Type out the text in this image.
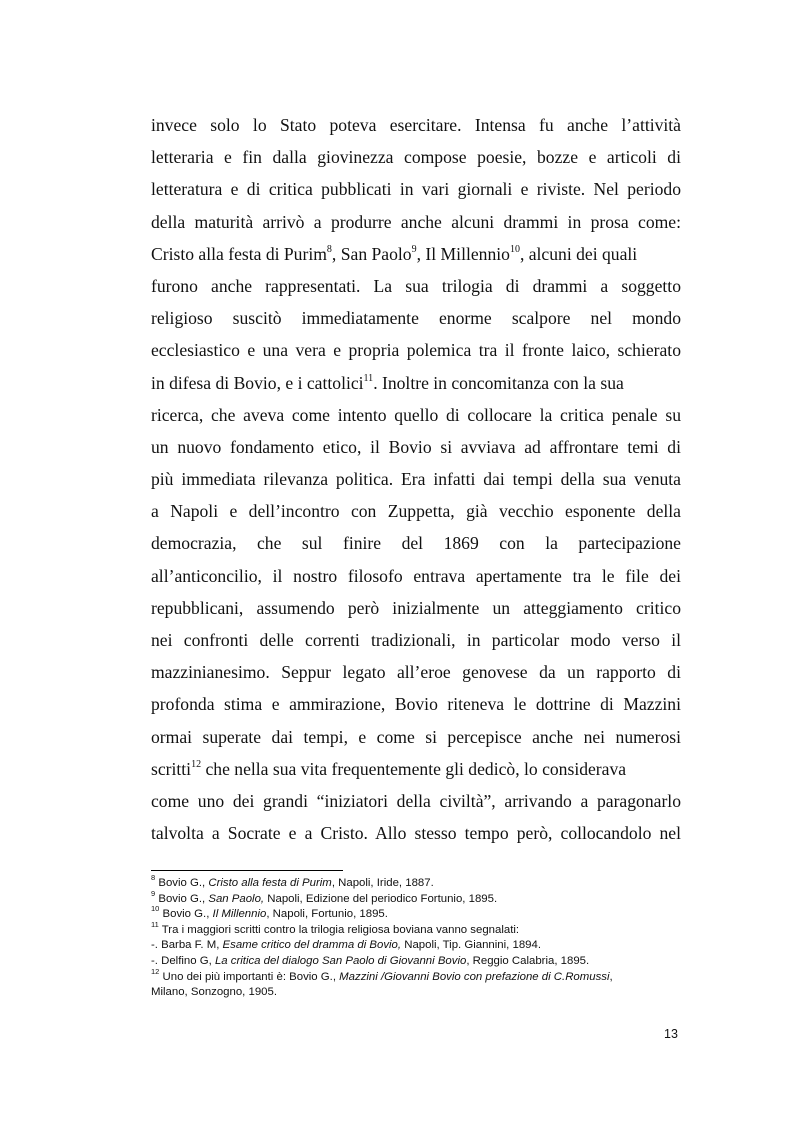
invece solo lo Stato poteva esercitare. Intensa fu anche l’attività
letteraria e fin dalla giovinezza compose poesie, bozze e articoli di
letteratura e di critica pubblicati in vari giornali e riviste. Nel periodo
della maturità arrivò a produrre anche alcuni drammi in prosa come:
Cristo alla festa di Purim$^8$, San Paolo$^9$, Il Millennio$^{10}$, alcuni dei quali
furono anche rappresentati. La sua trilogia di drammi a soggetto
religioso suscitò immediatamente enorme scalpore nel mondo
ecclesiastico e una vera e propria polemica tra il fronte laico, schierato
in difesa di Bovio, e i cattolici$^{11}$. Inoltre in concomitanza con la sua
ricerca, che aveva come intento quello di collocare la critica penale su
un nuovo fondamento etico, il Bovio si avviava ad affrontare temi di
più immediata rilevanza politica. Era infatti dai tempi della sua venuta
a Napoli e dell’incontro con Zuppetta, già vecchio esponente della
democrazia, che sul finire del 1869 con la partecipazione
all’anticoncilio, il nostro filosofo entrava apertamente tra le file dei
repubblicani, assumendo però inizialmente un atteggiamento critico
nei confronti delle correnti tradizionali, in particolar modo verso il
mazzinianesimo. Seppur legato all’eroe genovese da un rapporto di
profonda stima e ammirazione, Bovio riteneva le dottrine di Mazzini
ormai superate dai tempi, e come si percepisce anche nei numerosi
scritti$^{12}$ che nella sua vita frequentemente gli dedicò, lo considerava
come uno dei grandi “iniziatori della civiltà”, arrivando a paragonarlo
talvolta a Socrate e a Cristo. Allo stesso tempo però, collocandolo nel
$^8$ Bovio G., Cristo alla festa di Purim, Napoli, Iride, 1887.
$^9$ Bovio G., San Paolo, Napoli, Edizione del periodico Fortunio, 1895.
$^{10}$ Bovio G., Il Millennio, Napoli, Fortunio, 1895.
$^{11}$ Tra i maggiori scritti contro la trilogia religiosa boviana vanno segnalati:
-. Barba F. M, Esame critico del dramma di Bovio, Napoli, Tip. Giannini, 1894.
-. Delfino G, La critica del dialogo San Paolo di Giovanni Bovio, Reggio Calabria, 1895.
$^{12}$ Uno dei più importanti è: Bovio G., Mazzini /Giovanni Bovio con prefazione di C.Romussi,
Milano, Sonzogno, 1905.
13
